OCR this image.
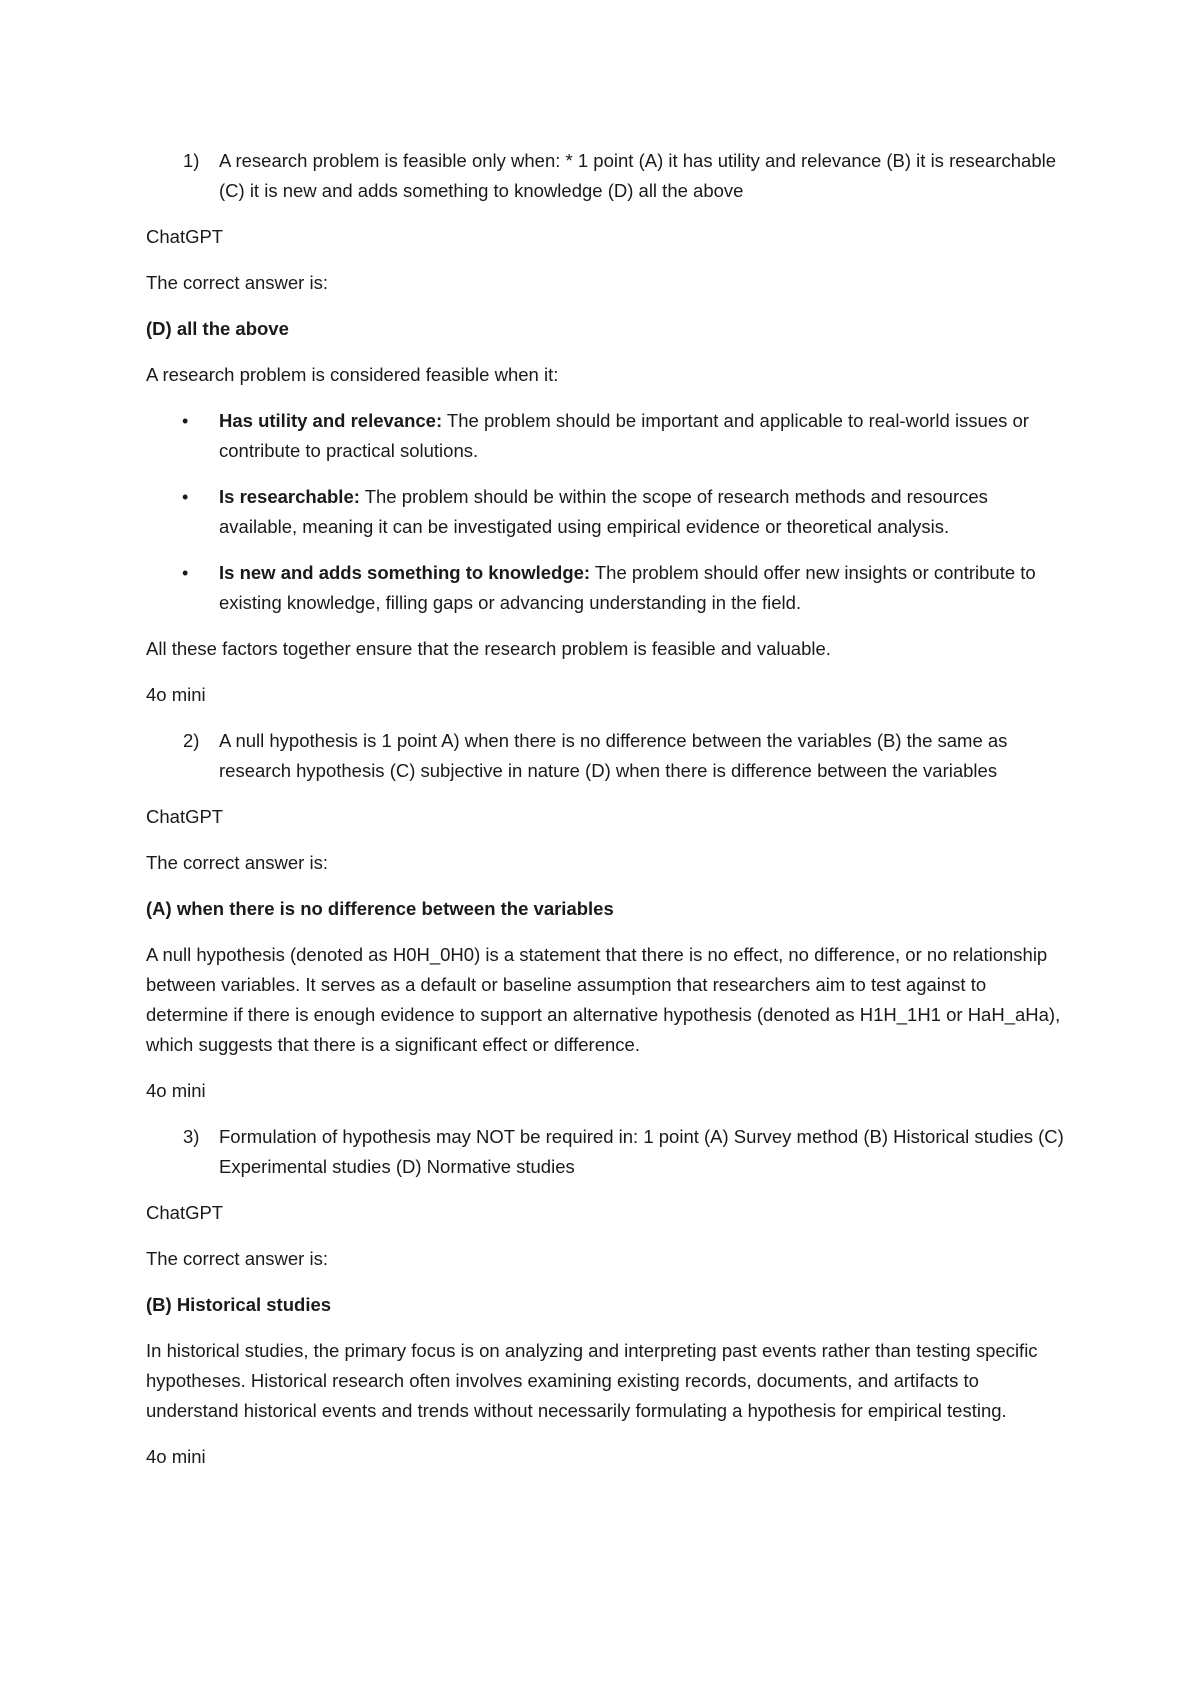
1)	A research problem is feasible only when: * 1 point (A) it has utility and relevance (B) it is researchable (C) it is new and adds something to knowledge (D) all the above
ChatGPT
The correct answer is:
(D) all the above
A research problem is considered feasible when it:
•	Has utility and relevance: The problem should be important and applicable to real-world issues or contribute to practical solutions.
•	Is researchable: The problem should be within the scope of research methods and resources available, meaning it can be investigated using empirical evidence or theoretical analysis.
•	Is new and adds something to knowledge: The problem should offer new insights or contribute to existing knowledge, filling gaps or advancing understanding in the field.
All these factors together ensure that the research problem is feasible and valuable.
4o mini
2)	A null hypothesis is 1 point A) when there is no difference between the variables (B) the same as research hypothesis (C) subjective in nature (D) when there is difference between the variables
ChatGPT
The correct answer is:
(A) when there is no difference between the variables
A null hypothesis (denoted as H0H_0H0) is a statement that there is no effect, no difference, or no relationship between variables. It serves as a default or baseline assumption that researchers aim to test against to determine if there is enough evidence to support an alternative hypothesis (denoted as H1H_1H1 or HaH_aHa), which suggests that there is a significant effect or difference.
4o mini
3)	Formulation of hypothesis may NOT be required in: 1 point (A) Survey method (B) Historical studies (C) Experimental studies (D) Normative studies
ChatGPT
The correct answer is:
(B) Historical studies
In historical studies, the primary focus is on analyzing and interpreting past events rather than testing specific hypotheses. Historical research often involves examining existing records, documents, and artifacts to understand historical events and trends without necessarily formulating a hypothesis for empirical testing.
4o mini
